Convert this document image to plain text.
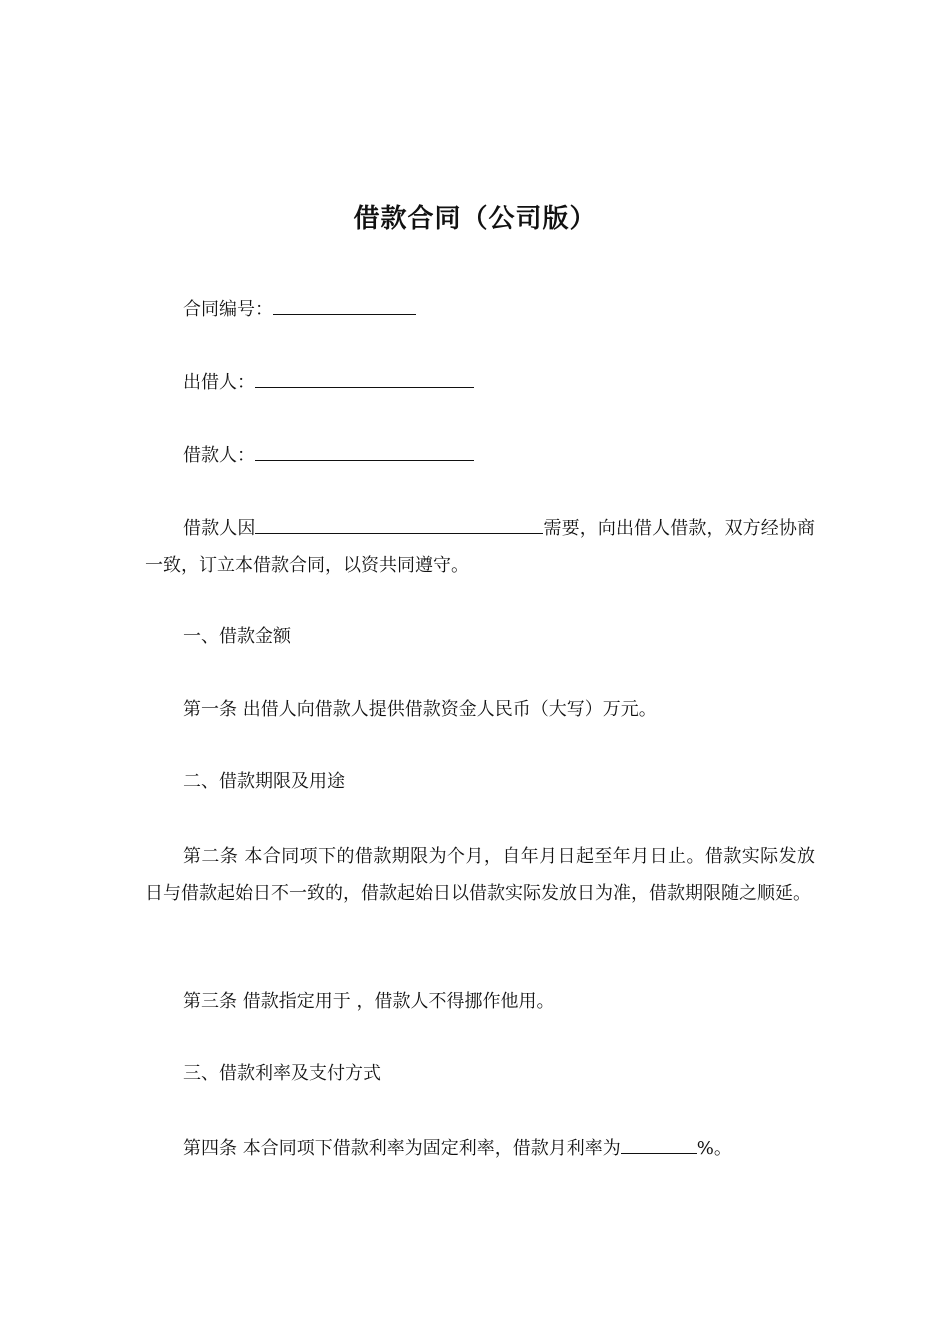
借款合同（公司版）
合同编号：
出借人：
借款人：
借款人因	需要，向出借人借款，双方经协商一致，订立本借款合同，以资共同遵守。
一、借款金额
第一条 出借人向借款人提供借款资金人民币（大写）万元。
二、借款期限及用途
第二条 本合同项下的借款期限为个月，自年月日起至年月日止。借款实际发放日与借款起始日不一致的，借款起始日以借款实际发放日为准，借款期限随之顺延。
第三条 借款指定用于 ，借款人不得挪作他用。
三、借款利率及支付方式
第四条 本合同项下借款利率为固定利率，借款月利率为	%。
